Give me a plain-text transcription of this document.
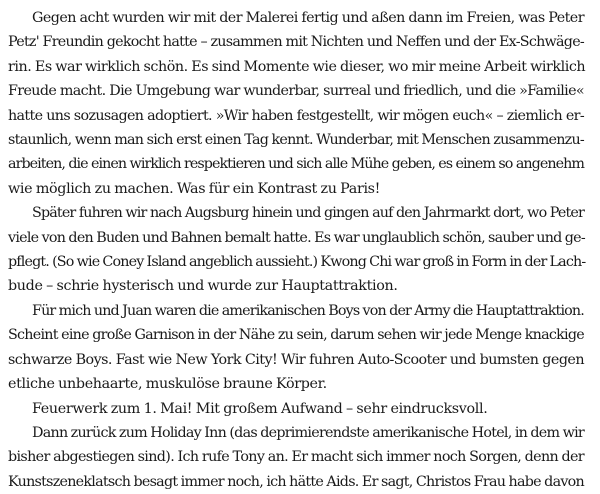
Gegen acht wurden wir mit der Malerei fertig und aßen dann im Freien, was Peter
Petz' Freundin gekocht hatte – zusammen mit Nichten und Neffen und der Ex-Schwäge-
rin. Es war wirklich schön. Es sind Momente wie dieser, wo mir meine Arbeit wirklich
Freude macht. Die Umgebung war wunderbar, surreal und friedlich, und die »Familie«
hatte uns sozusagen adoptiert. »Wir haben festgestellt, wir mögen euch« – ziemlich er-
staunlich, wenn man sich erst einen Tag kennt. Wunderbar, mit Menschen zusammenzu-
arbeiten, die einen wirklich respektieren und sich alle Mühe geben, es einem so angenehm
wie möglich zu machen. Was für ein Kontrast zu Paris!
Später fuhren wir nach Augsburg hinein und gingen auf den Jahrmarkt dort, wo Peter
viele von den Buden und Bahnen bemalt hatte. Es war unglaublich schön, sauber und ge-
pflegt. (So wie Coney Island angeblich aussieht.) Kwong Chi war groß in Form in der Lach-
bude – schrie hysterisch und wurde zur Hauptattraktion.
Für mich und Juan waren die amerikanischen Boys von der Army die Hauptattraktion.
Scheint eine große Garnison in der Nähe zu sein, darum sehen wir jede Menge knackige
schwarze Boys. Fast wie New York City! Wir fuhren Auto-Scooter und bumsten gegen
etliche unbehaarte, muskulöse braune Körper.
Feuerwerk zum 1. Mai! Mit großem Aufwand – sehr eindrucksvoll.
Dann zurück zum Holiday Inn (das deprimierendste amerikanische Hotel, in dem wir
bisher abgestiegen sind). Ich rufe Tony an. Er macht sich immer noch Sorgen, denn der
Kunstszeneklatsch besagt immer noch, ich hätte Aids. Er sagt, Christos Frau habe davon
